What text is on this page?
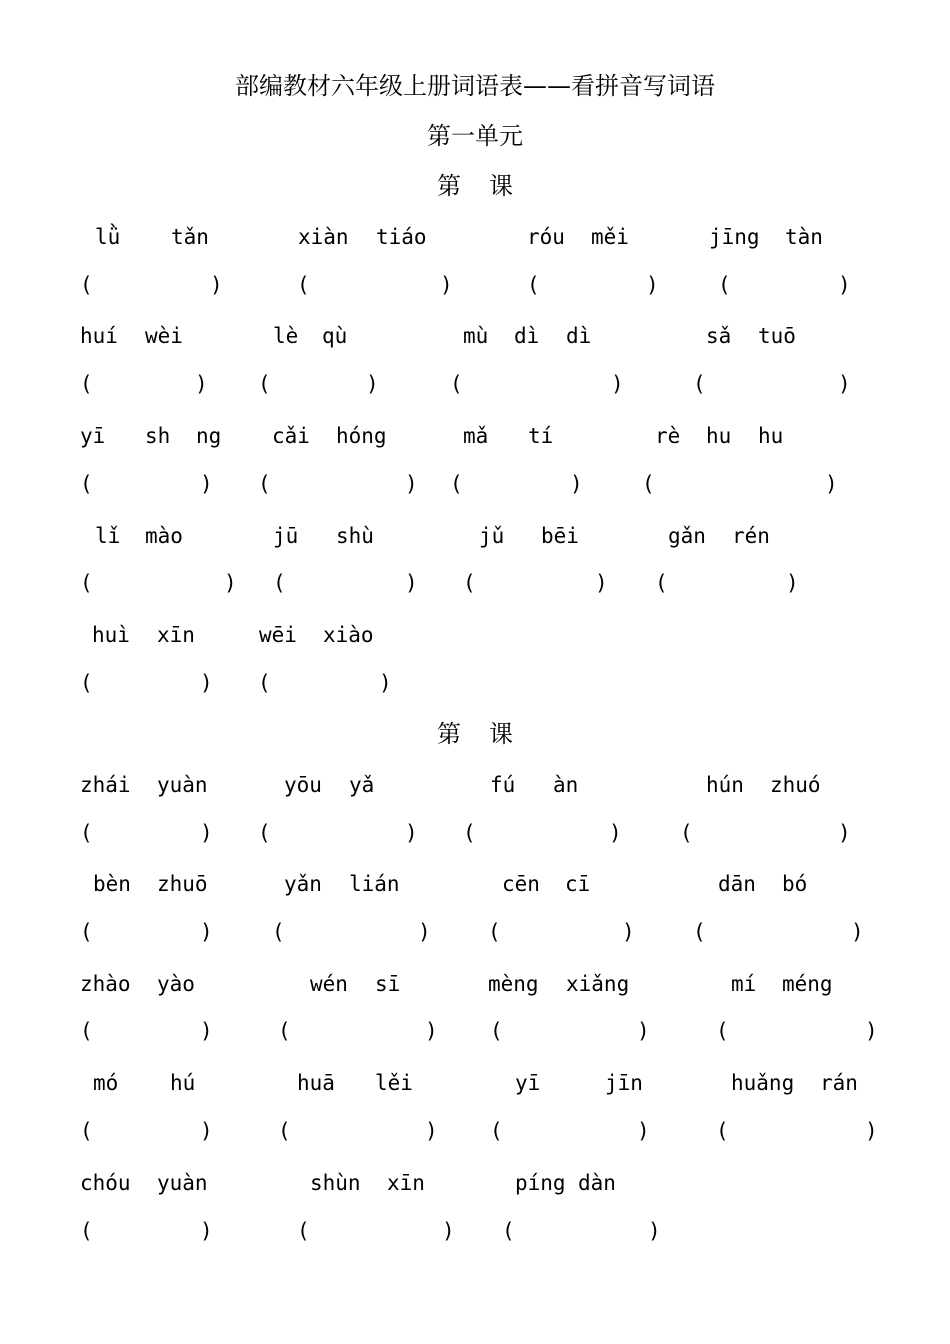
部编教材六年级上册词语表——看拼音写词语
第一单元
第 课
lǜ tǎn
(	)
xiàn tiáo
(	)
róu měi
(	)
jīng tàn
(	)
huí wèi
(	)
lè qù
(	)
mù dì dì
(	)
sǎ tuō
(	)
yī sh ng
(	)
cǎi hóng
(	)
mǎ tí
(	)
rè hu hu
(	)
lǐ mào
(	)
jū shù
(	)
jǔ bēi
(	)
gǎn rén
(	)
huì xīn
(	)
wēi xiào
(	)
第 课
zhái yuàn
(	)
yōu yǎ
(	)
fú àn
(	)
hún zhuó
(	)
bèn zhuō
(	)
yǎn lián
(	)
cēn cī
(	)
dān bó
(	)
zhào yào
(	)
wén sī
(	)
mèng xiǎng
(	)
mí méng
(	)
mó hú
(	)
huā lěi
(	)
yī	jīn
(	)
huǎng rán
(	)
chóu yuàn
(	)
shùn xīn
(	)
píng dàn
(	)
